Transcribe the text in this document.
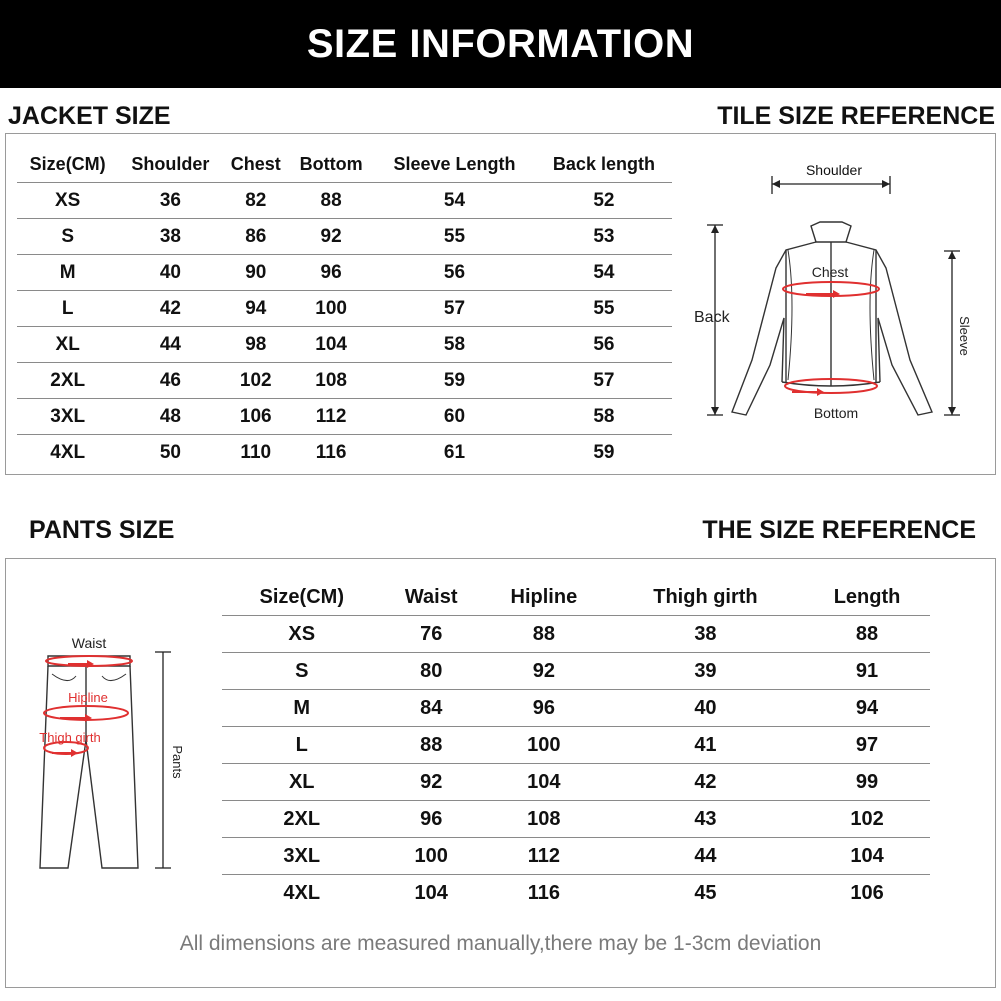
SIZE INFORMATION
JACKET SIZE	TILE SIZE REFERENCE
Size(CM)	Shoulder	Chest	Bottom	Sleeve Length	Back length
XS	36	82	88	54	52
S	38	86	92	55	53
M	40	90	96	56	54
L	42	94	100	57	55
XL	44	98	104	58	56
2XL	46	102	108	59	57
3XL	48	106	112	60	58
4XL	50	110	116	61	59
Shoulder
Back	Sleeve
Chest
Bottom
PANTS SIZE	THE SIZE REFERENCE
Size(CM)	Waist	Hipline	Thigh girth	Length
XS	76	88	38	88
S	80	92	39	91
M	84	96	40	94
L	88	100	41	97
XL	92	104	42	99
2XL	96	108	43	102
3XL	100	112	44	104
4XL	104	116	45	106
Waist
Hipline
Thigh girth
Pants
All dimensions are measured manually,there may be 1-3cm deviation
